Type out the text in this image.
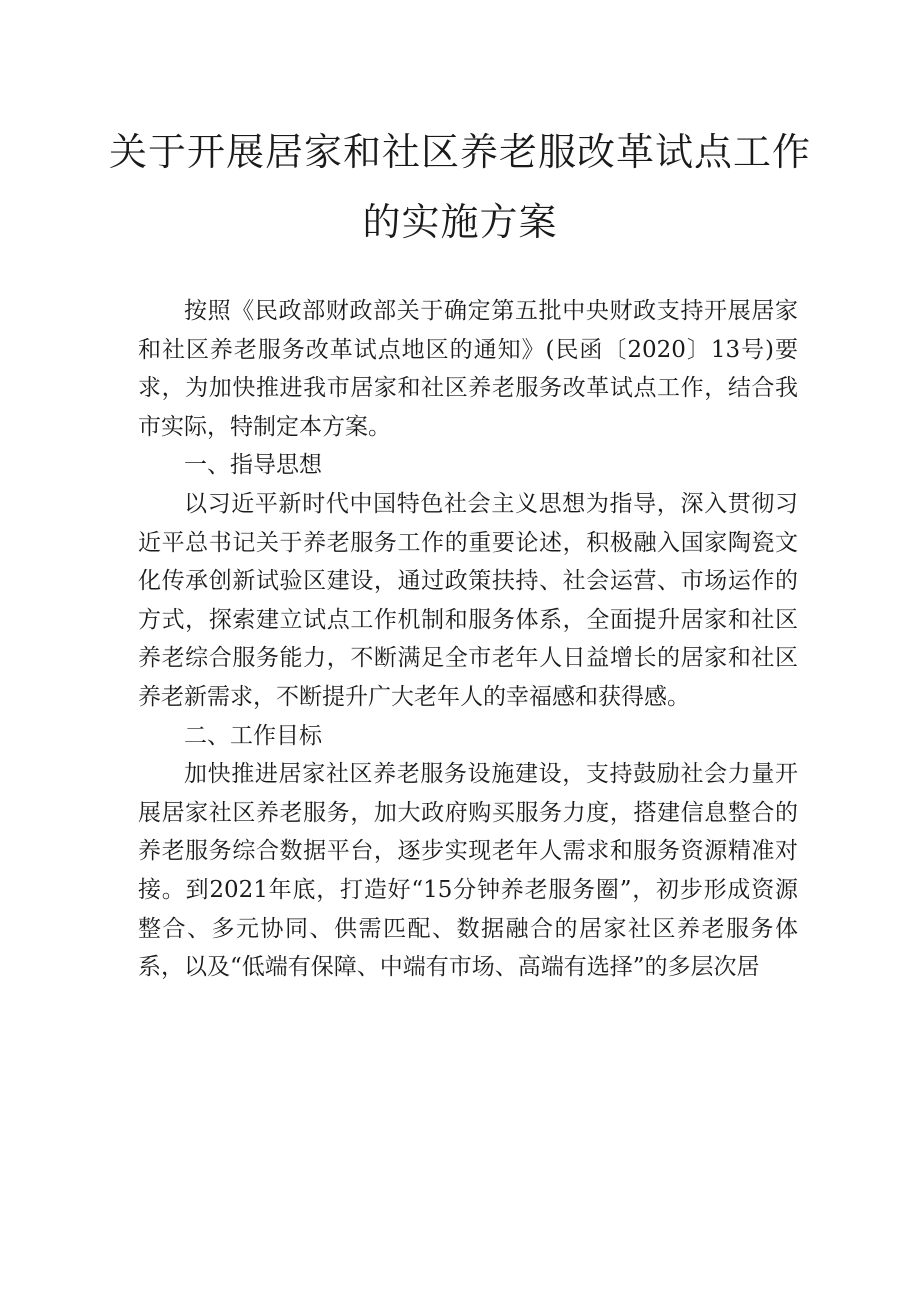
关于开展居家和社区养老服改革试点工作
的实施方案

按照《民政部财政部关于确定第五批中央财政支持开展居家和社区养老服务改革试点地区的通知》(民函〔2020〕13号)要求，为加快推进我市居家和社区养老服务改革试点工作，结合我市实际，特制定本方案。

一、指导思想

以习近平新时代中国特色社会主义思想为指导，深入贯彻习近平总书记关于养老服务工作的重要论述，积极融入国家陶瓷文化传承创新试验区建设，通过政策扶持、社会运营、市场运作的方式，探索建立试点工作机制和服务体系，全面提升居家和社区养老综合服务能力，不断满足全市老年人日益增长的居家和社区养老新需求，不断提升广大老年人的幸福感和获得感。

二、工作目标

加快推进居家社区养老服务设施建设，支持鼓励社会力量开展居家社区养老服务，加大政府购买服务力度，搭建信息整合的养老服务综合数据平台，逐步实现老年人需求和服务资源精准对接。到2021年底，打造好“15分钟养老服务圈”，初步形成资源整合、多元协同、供需匹配、数据融合的居家社区养老服务体系，以及“低端有保障、中端有市场、高端有选择”的多层次居
